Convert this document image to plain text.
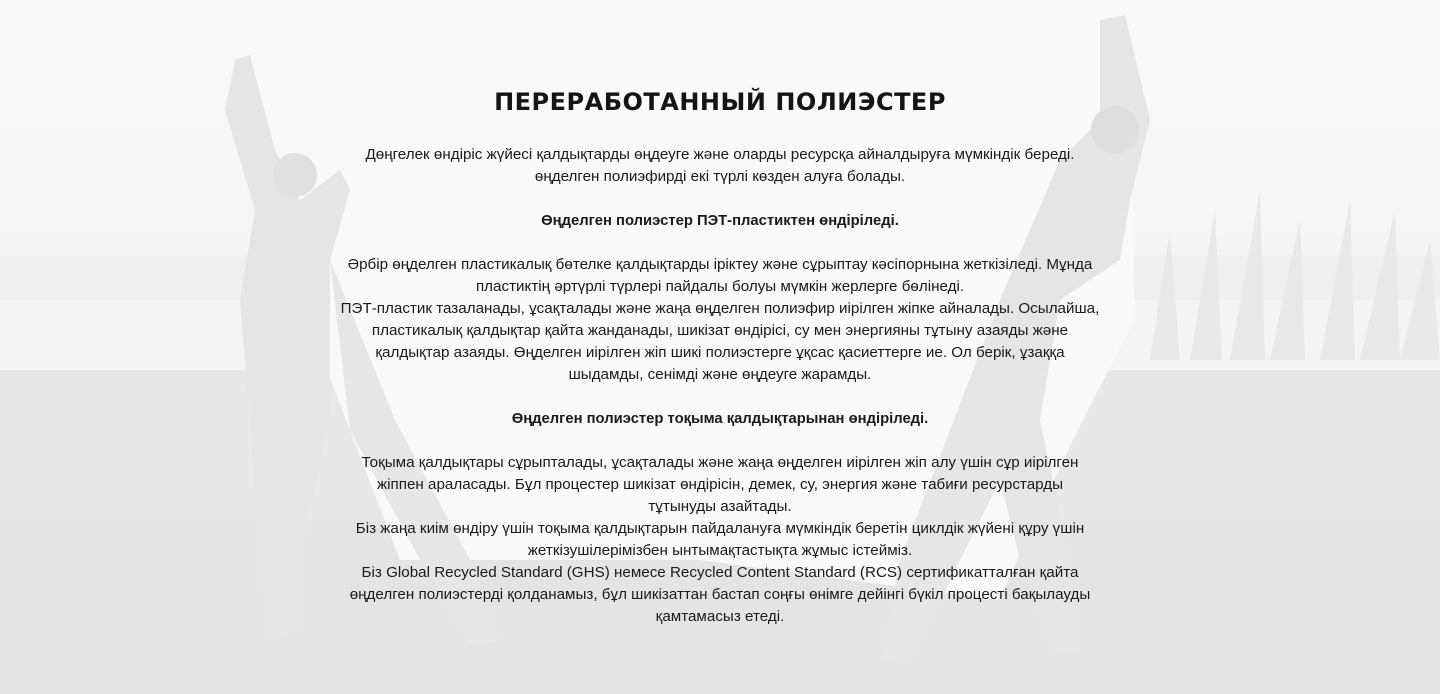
ПЕРЕРАБОТАННЫЙ ПОЛИЭСТЕР

Дөңгелек өндіріс жүйесі қалдықтарды өңдеуге және оларды ресурсқа айналдыруға мүмкіндік береді.

өңделген полиэфирді екі түрлі көзден алуға болады.

Өңделген полиэстер ПЭТ-пластиктен өндіріледі.

Әрбір өңделген пластикалық бөтелке қалдықтарды іріктеу және сұрыптау кәсіпорнына жеткізіледі. Мұнда

пластиктің әртүрлі түрлері пайдалы болуы мүмкін жерлерге бөлінеді.

ПЭТ-пластик тазаланады, ұсақталады және жаңа өңделген полиэфир иірілген жіпке айналады. Осылайша,

пластикалық қалдықтар қайта жанданады, шикізат өндірісі, су мен энергияны тұтыну азаяды және

қалдықтар азаяды. Өңделген иірілген жіп шикі полиэстерге ұқсас қасиеттерге ие. Ол берік, ұзаққа

шыдамды, сенімді және өңдеуге жарамды.

Өңделген полиэстер тоқыма қалдықтарынан өндіріледі.

Тоқыма қалдықтары сұрыпталады, ұсақталады және жаңа өңделген иірілген жіп алу үшін сұр иірілген

жіппен араласады. Бұл процестер шикізат өндірісін, демек, су, энергия және табиғи ресурстарды

тұтынуды азайтады.

Біз жаңа киім өндіру үшін тоқыма қалдықтарын пайдалануға мүмкіндік беретін циклдік жүйені құру үшін

жеткізушілерімізбен ынтымақтастықта жұмыс істейміз.

Біз Global Recycled Standard (GHS) немесе Recycled Content Standard (RCS) сертификатталған қайта

өңделген полиэстерді қолданамыз, бұл шикізаттан бастап соңғы өнімге дейінгі бүкіл процесті бақылауды

қамтамасыз етеді.
